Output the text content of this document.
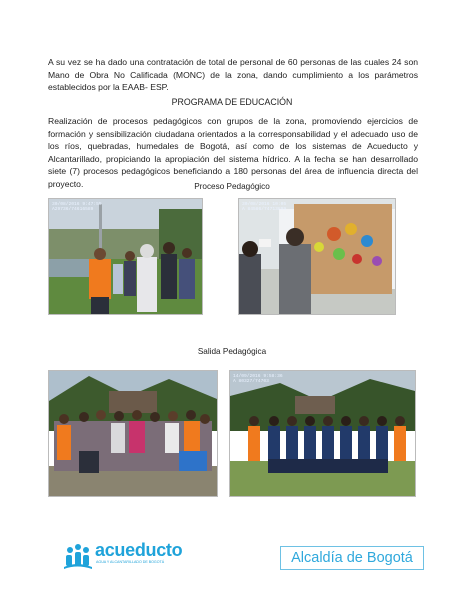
A su vez se ha dado una contratación de total de personal de 60 personas de las cuales 24 son Mano de Obra No Calificada (MONC) de la zona, dando cumplimiento a los parámetros establecidos por la EAAB- ESP.

PROGRAMA DE EDUCACIÓN

Realización de procesos pedagógicos con grupos de la zona, promoviendo ejercicios de formación y sensibilización ciudadana orientados a la corresponsabilidad y el adecuado uso de los ríos, quebradas, humedales de Bogotá, así como de los sistemas de Acueducto y Alcantarillado, propiciando la apropiación del sistema hídrico. A la fecha se han desarrollado siete (7) procesos pedagógicos beneficiando a 180 personas del área de influencia directa del proyecto.	Proceso Pedagógico

30/08/2016 9:47:55
A29736/74616589
30/08/2016 10:05
A 84586/74713899

Salida Pedagógica

14/09/2016 9:58:36
A 80327/74703
acueducto
AGUA Y ALCANTARILLADO DE BOGOTÁ	Alcaldía de Bogotá
